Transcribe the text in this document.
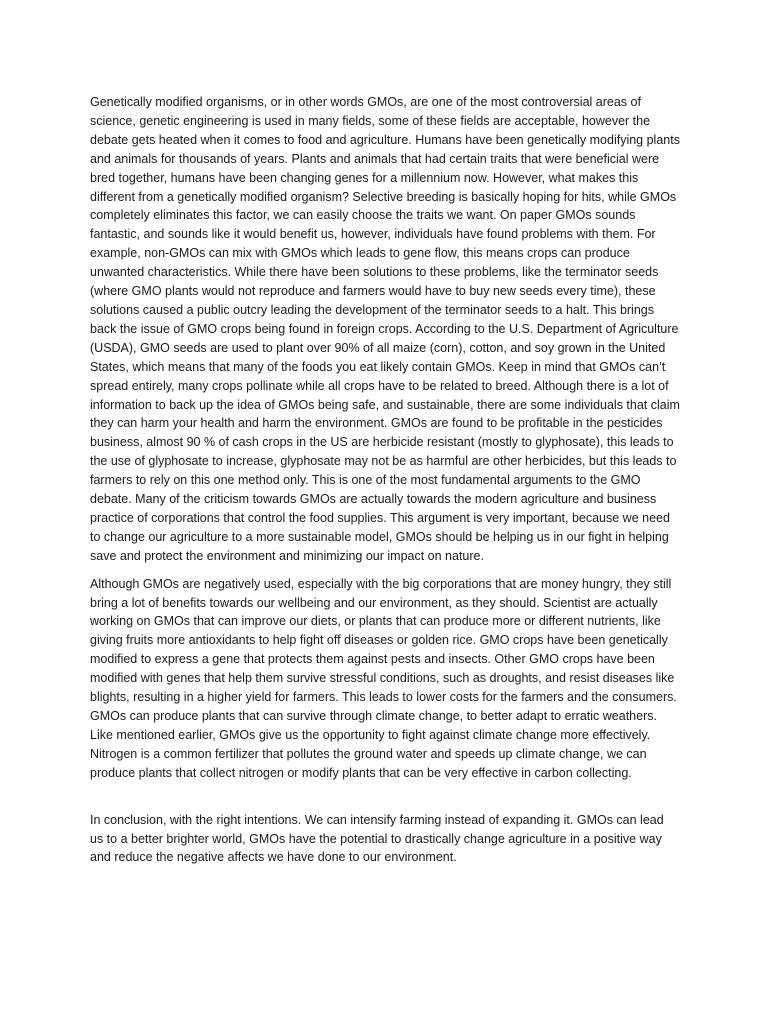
Genetically modified organisms, or in other words GMOs, are one of the most controversial areas of science, genetic engineering is used in many fields, some of these fields are acceptable, however the debate gets heated when it comes to food and agriculture. Humans have been genetically modifying plants and animals for thousands of years. Plants and animals that had certain traits that were beneficial were bred together, humans have been changing genes for a millennium now. However, what makes this different from a genetically modified organism? Selective breeding is basically hoping for hits, while GMOs completely eliminates this factor, we can easily choose the traits we want. On paper GMOs sounds fantastic, and sounds like it would benefit us, however, individuals have found problems with them. For example, non-GMOs can mix with GMOs which leads to gene flow, this means crops can produce unwanted characteristics. While there have been solutions to these problems, like the terminator seeds (where GMO plants would not reproduce and farmers would have to buy new seeds every time), these solutions caused a public outcry leading the development of the terminator seeds to a halt. This brings back the issue of GMO crops being found in foreign crops. According to the U.S. Department of Agriculture (USDA), GMO seeds are used to plant over 90% of all maize (corn), cotton, and soy grown in the United States, which means that many of the foods you eat likely contain GMOs. Keep in mind that GMOs can’t spread entirely, many crops pollinate while all crops have to be related to breed. Although there is a lot of information to back up the idea of GMOs being safe, and sustainable, there are some individuals that claim they can harm your health and harm the environment. GMOs are found to be profitable in the pesticides business, almost 90 % of cash crops in the US are herbicide resistant (mostly to glyphosate), this leads to the use of glyphosate to increase, glyphosate may not be as harmful are other herbicides, but this leads to farmers to rely on this one method only. This is one of the most fundamental arguments to the GMO debate. Many of the criticism towards GMOs are actually towards the modern agriculture and business practice of corporations that control the food supplies. This argument is very important, because we need to change our agriculture to a more sustainable model, GMOs should be helping us in our fight in helping save and protect the environment and minimizing our impact on nature.

Although GMOs are negatively used, especially with the big corporations that are money hungry, they still bring a lot of benefits towards our wellbeing and our environment, as they should. Scientist are actually working on GMOs that can improve our diets, or plants that can produce more or different nutrients, like giving fruits more antioxidants to help fight off diseases or golden rice. GMO crops have been genetically modified to express a gene that protects them against pests and insects. Other GMO crops have been modified with genes that help them survive stressful conditions, such as droughts, and resist diseases like blights, resulting in a higher yield for farmers. This leads to lower costs for the farmers and the consumers. GMOs can produce plants that can survive through climate change, to better adapt to erratic weathers. Like mentioned earlier, GMOs give us the opportunity to fight against climate change more effectively. Nitrogen is a common fertilizer that pollutes the ground water and speeds up climate change, we can produce plants that collect nitrogen or modify plants that can be very effective in carbon collecting.

In conclusion, with the right intentions. We can intensify farming instead of expanding it. GMOs can lead us to a better brighter world, GMOs have the potential to drastically change agriculture in a positive way and reduce the negative affects we have done to our environment.
